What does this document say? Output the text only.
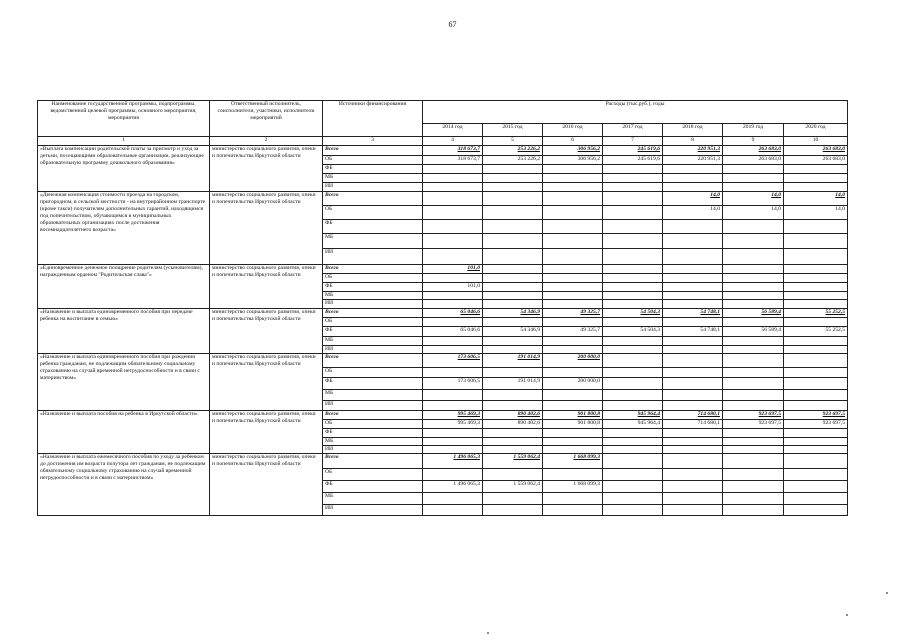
67
Наименование государственной программы, подпрограммы, ведомственной целевой программы, основного мероприятия, мероприятия	Ответственный исполнитель, соисполнители, участники, исполнители мероприятий	Источники финансирования	Расходы (тыс.руб.), годы						
			2014 год	2015 год	2016 год	2017 год	2018 год	2019 год	2020 год
1	2	3	4	5	6	7	8	9	10
«Выплата компенсации родительской платы за присмотр и уход за детьми, посещающими образовательные организации, реализующие образовательную программу дошкольного образования»	министерство социального развития, опеки и попечительства Иркутской области	Всего	318 673,7	253 226,2	306 956,2	245 619,6	220 951,3	263 683,0	263 683,0
		ОБ	318 673,7	253 226,2	306 956,2	245 619,6	220 951,3	263 683,0	263 683,0
		ФБ							
		МБ							
		ИИ							
«Денежная компенсация стоимости проезда на городском, пригородном, в сельской местности - на внутрирайонном транспорте (кроме такси) получателям дополнительных гарантий, находящимся под попечительством, обучающимся в муниципальных образовательных организациях после достижения восемнадцатилетнего возраста»	министерство социального развития, опеки и попечительства Иркутской области	Всего					14,0	14,0	14,0
		ОБ					14,0	14,0	14,0
		ФБ							
		МБ							
		ИИ							
«Единовременное денежное поощрение родителям (усыновителям), награжденным орденом "Родительская слава"»	министерство социального развития, опеки и попечительства Иркутской области	Всего	101,0						
		ОБ							
		ФБ	101,0						
		МБ							
		ИИ							
«Назначение и выплата единовременного пособия при передаче ребенка на воспитание в семью»	министерство социального развития, опеки и попечительства Иркутской области	Всего	65 046,6	54 346,9	49 325,7	54 504,3	54 748,1	56 589,4	55 252,5
		ОБ							
		ФБ	65 046,6	54 346,9	49 325,7	54 504,3	54 748,1	56 589,4	55 252,5
		МБ							
		ИИ							
«Назначение и выплата единовременного пособия при рождении ребенка гражданам, не подлежащим обязательному социальному страхованию на случай временной нетрудоспособности и в связи с материнством»	министерство социального развития, опеки и попечительства Иркутской области	Всего	173 606,5	191 014,9	200 000,0				
		ОБ							
		ФБ	173 606,5	191 014,9	200 000,0				
		МБ							
		ИИ							
«Назначение и выплата пособия на ребенка в Иркутской области»	министерство социального развития, опеки и попечительства Иркутской области	Всего	995 469,3	890 402,6	901 800,8	945 964,4	714 680,1	923 697,5	923 697,5
		ОБ	995 469,3	890 402,6	901 800,8	945 964,4	714 680,1	923 697,5	923 697,5
		ФБ							
		МБ							
		ИИ							
«Назначение и выплата ежемесячного пособия по уходу за ребенком до достижения им возраста полутора лет гражданам, не подлежащим обязательному социальному страхованию на случай временной нетрудоспособности и в связи с материнством»	министерство социального развития, опеки и попечительства Иркутской области	Всего	1 496 065,3	1 559 062,4	1 668 099,3				
		ОБ							
		ФБ	1 496 065,3	1 559 062,4	1 668 099,3				
		МБ							
		ИИ							
